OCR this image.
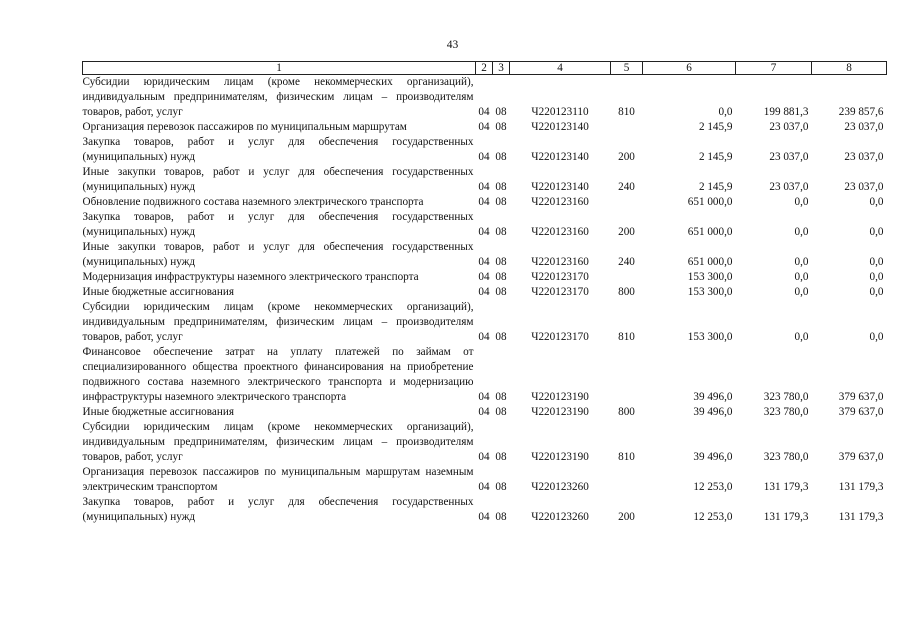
43
1	2	3	4	5	6	7	8
Субсидии юридическим лицам (кроме некоммерческих организаций), индивидуальным предпринимателям, физическим лицам – производителям товаров, работ, услуг	04	08	Ч220123110	810	0,0	199 881,3	239 857,6
Организация перевозок пассажиров по муниципальным маршрутам	04	08	Ч220123140		2 145,9	23 037,0	23 037,0
Закупка товаров, работ и услуг для обеспечения государственных (муниципальных) нужд	04	08	Ч220123140	200	2 145,9	23 037,0	23 037,0
Иные закупки товаров, работ и услуг для обеспечения государственных (муниципальных) нужд	04	08	Ч220123140	240	2 145,9	23 037,0	23 037,0
Обновление подвижного состава наземного электрического транспорта	04	08	Ч220123160		651 000,0	0,0	0,0
Закупка товаров, работ и услуг для обеспечения государственных (муниципальных) нужд	04	08	Ч220123160	200	651 000,0	0,0	0,0
Иные закупки товаров, работ и услуг для обеспечения государственных (муниципальных) нужд	04	08	Ч220123160	240	651 000,0	0,0	0,0
Модернизация инфраструктуры наземного электрического транспорта	04	08	Ч220123170		153 300,0	0,0	0,0
Иные бюджетные ассигнования	04	08	Ч220123170	800	153 300,0	0,0	0,0
Субсидии юридическим лицам (кроме некоммерческих организаций), индивидуальным предпринимателям, физическим лицам – производителям товаров, работ, услуг	04	08	Ч220123170	810	153 300,0	0,0	0,0
Финансовое обеспечение затрат на уплату платежей по займам от специализированного общества проектного финансирования на приобретение подвижного состава наземного электрического транспорта и модернизацию инфраструктуры наземного электрического транспорта	04	08	Ч220123190		39 496,0	323 780,0	379 637,0
Иные бюджетные ассигнования	04	08	Ч220123190	800	39 496,0	323 780,0	379 637,0
Субсидии юридическим лицам (кроме некоммерческих организаций), индивидуальным предпринимателям, физическим лицам – производителям товаров, работ, услуг	04	08	Ч220123190	810	39 496,0	323 780,0	379 637,0
Организация перевозок пассажиров по муниципальным маршрутам наземным электрическим транспортом	04	08	Ч220123260		12 253,0	131 179,3	131 179,3
Закупка товаров, работ и услуг для обеспечения государственных (муниципальных) нужд	04	08	Ч220123260	200	12 253,0	131 179,3	131 179,3
